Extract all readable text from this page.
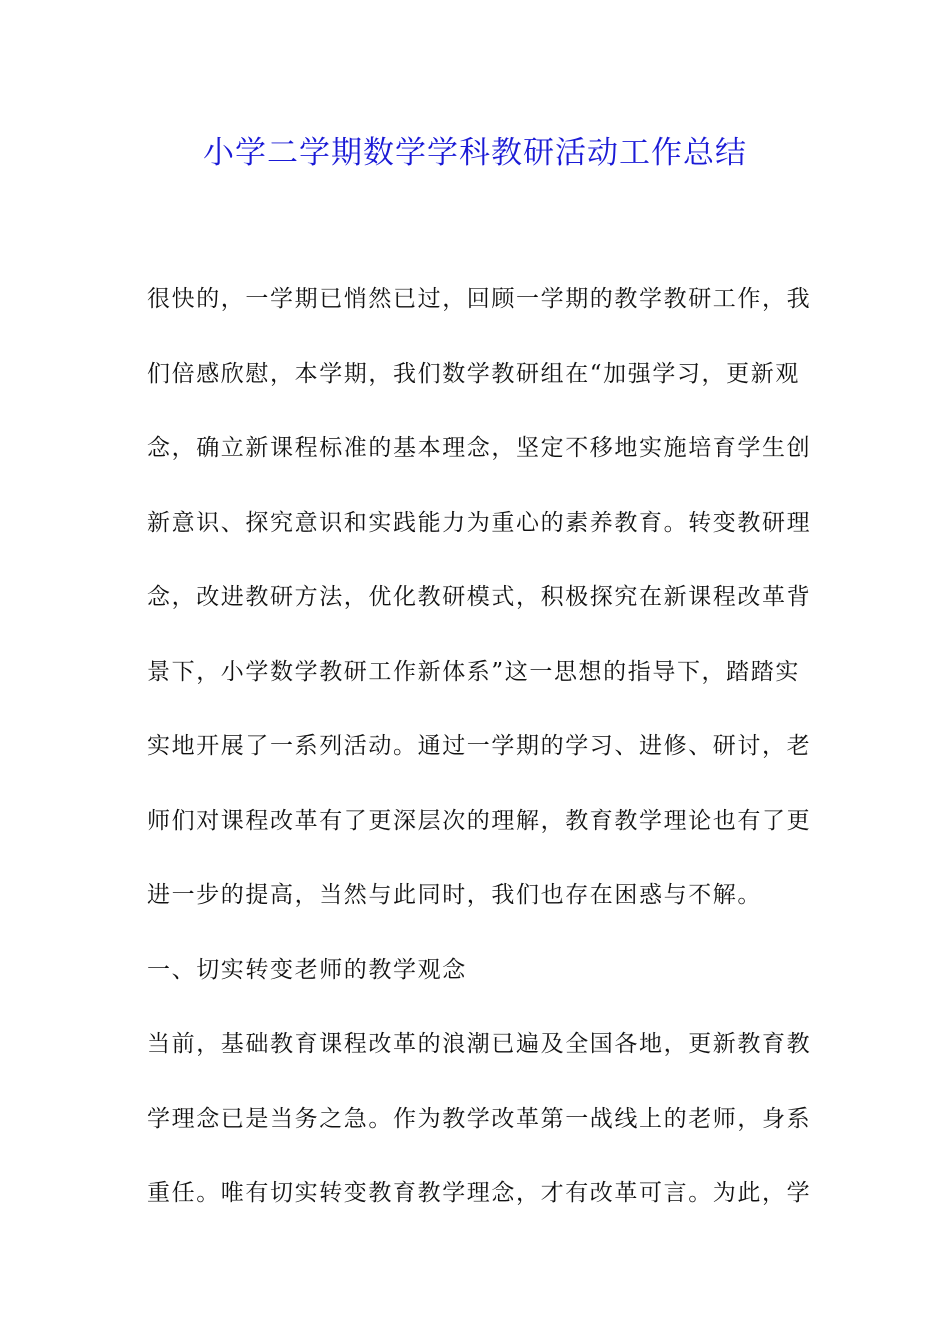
小学二学期数学学科教研活动工作总结
很快的，一学期已悄然已过，回顾一学期的教学教研工作，我
们倍感欣慰，本学期，我们数学教研组在“加强学习，更新观
念，确立新课程标准的基本理念，坚定不移地实施培育学生创
新意识、探究意识和实践能力为重心的素养教育。转变教研理
念，改进教研方法，优化教研模式，积极探究在新课程改革背
景下，小学数学教研工作新体系”这一思想的指导下，踏踏实
实地开展了一系列活动。通过一学期的学习、进修、研讨，老
师们对课程改革有了更深层次的理解，教育教学理论也有了更
进一步的提高，当然与此同时，我们也存在困惑与不解。
一、切实转变老师的教学观念
当前，基础教育课程改革的浪潮已遍及全国各地，更新教育教
学理念已是当务之急。作为教学改革第一战线上的老师，身系
重任。唯有切实转变教育教学理念，才有改革可言。为此，学
